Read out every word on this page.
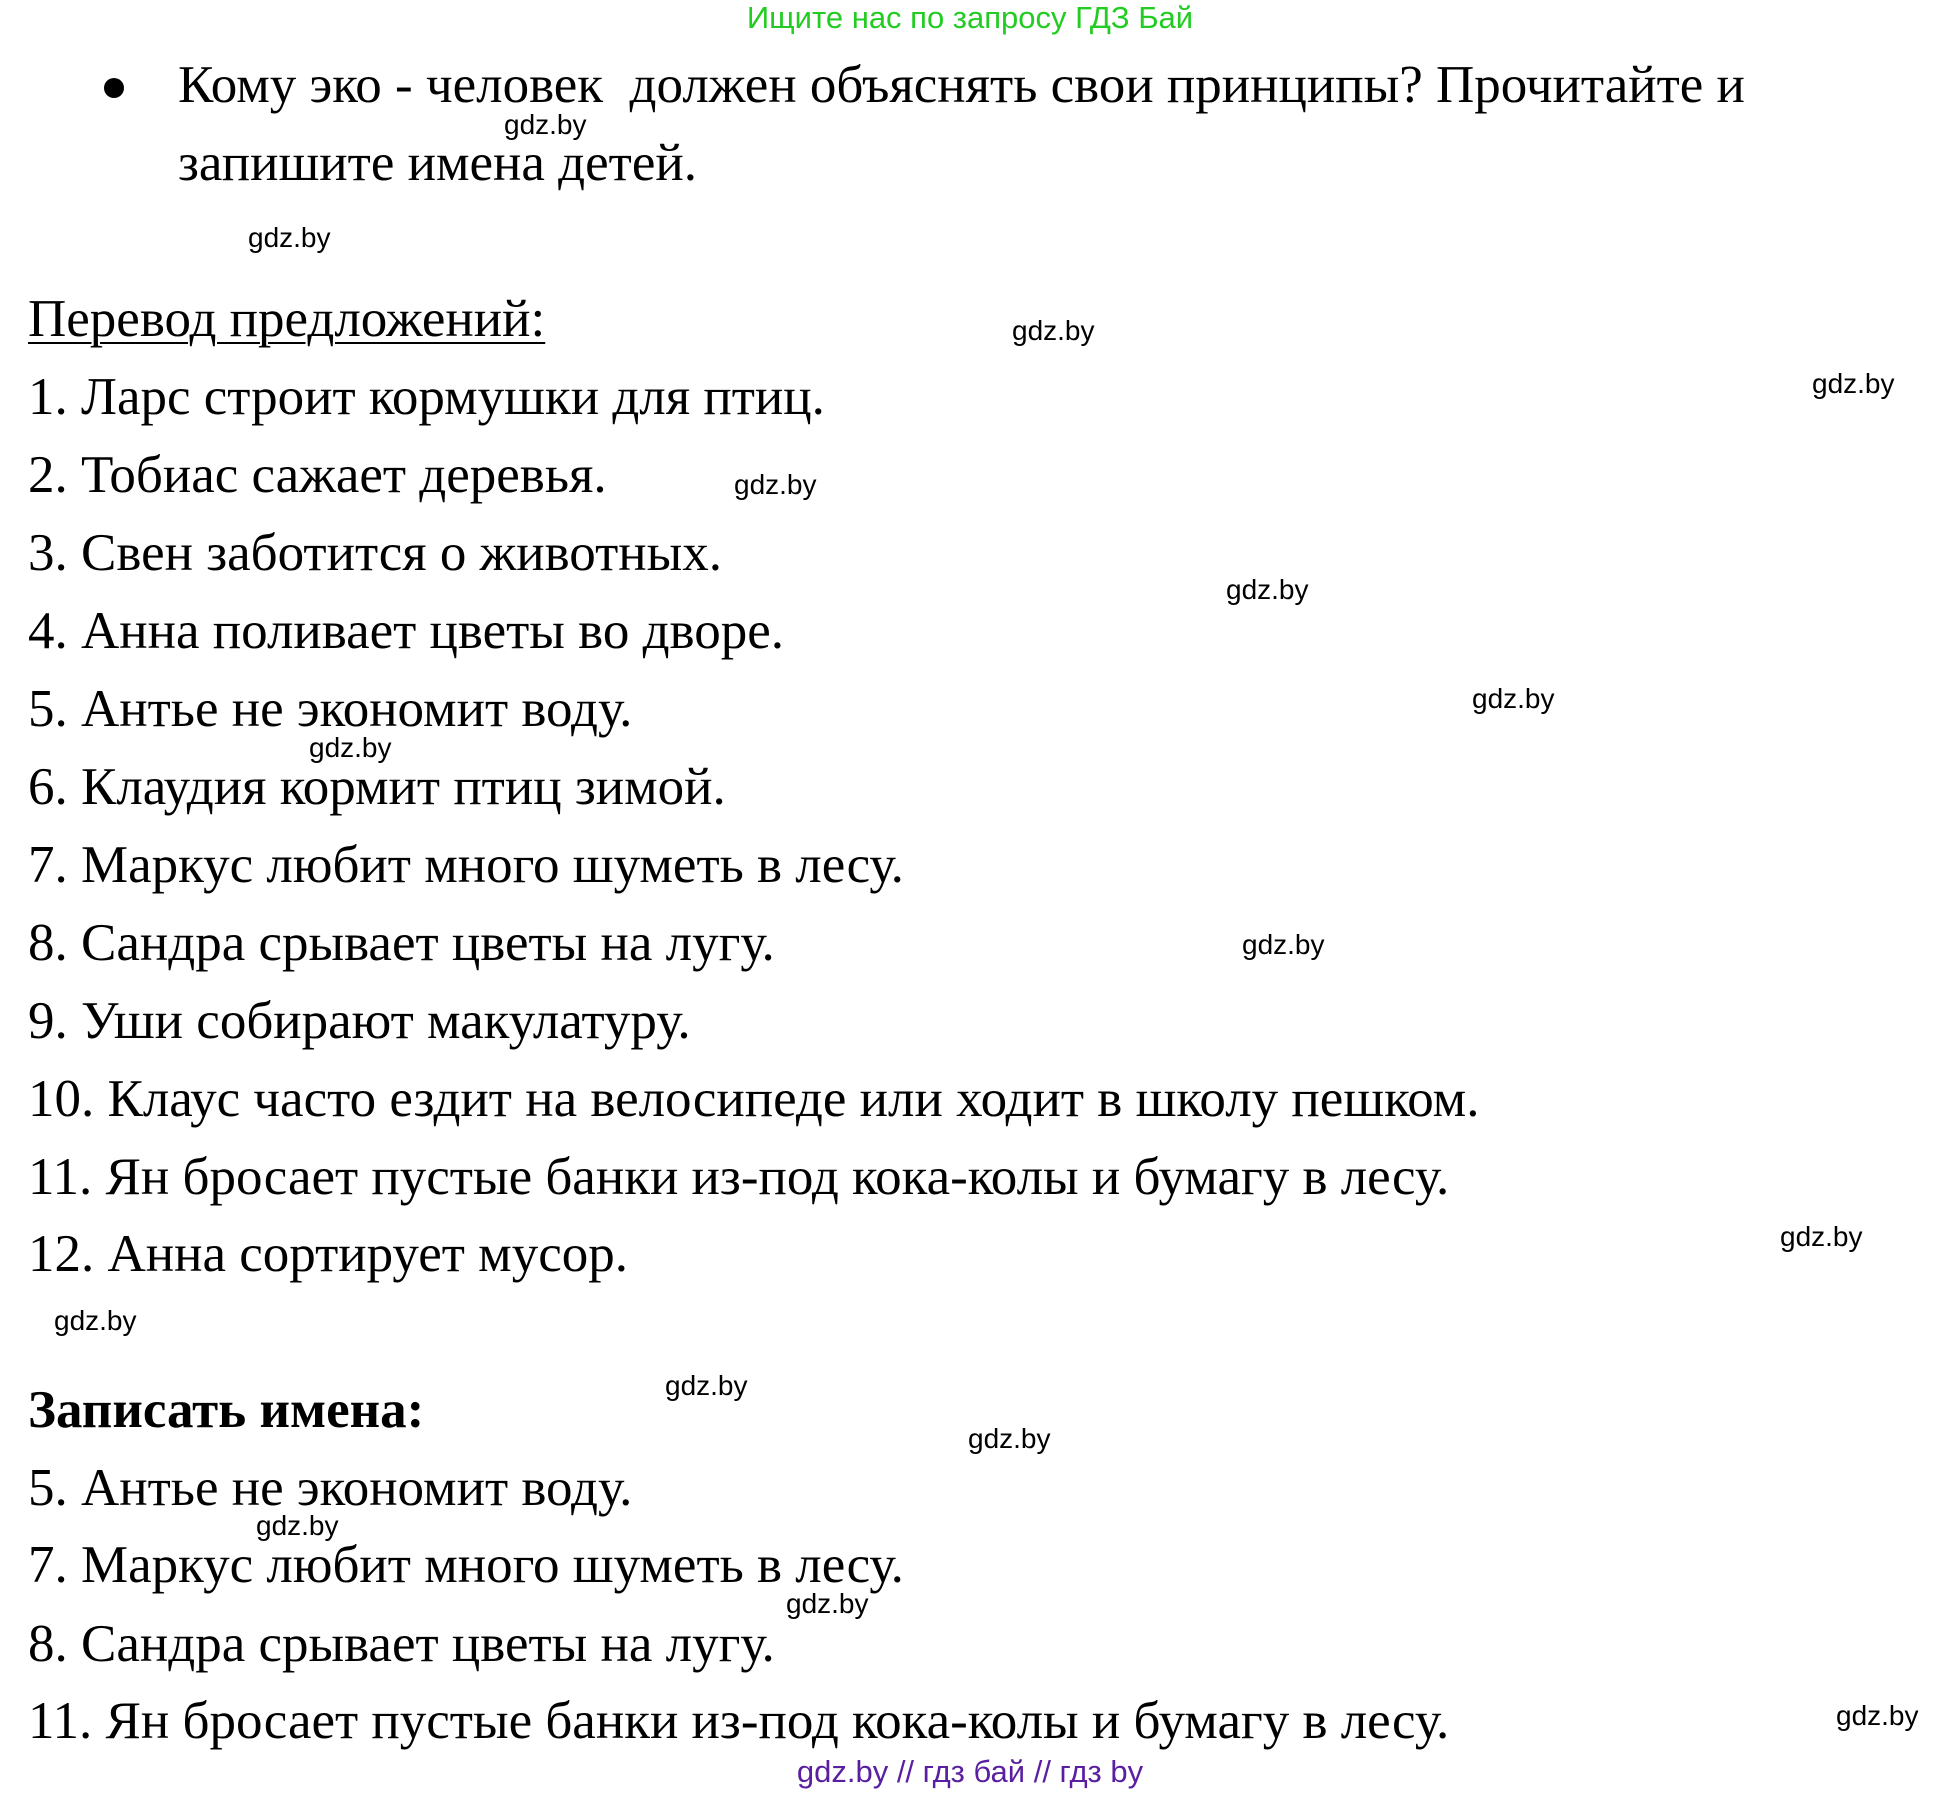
Ищите нас по запросу ГДЗ Бай
Кому эко - человек  должен объяснять свои принципы? Прочитайте и
запишите имена детей.
Перевод предложений:
1. Ларс строит кормушки для птиц.
2. Тобиас сажает деревья.
3. Свен заботится о животных.
4. Анна поливает цветы во дворе.
5. Антье не экономит воду.
6. Клаудия кормит птиц зимой.
7. Маркус любит много шуметь в лесу.
8. Сандра срывает цветы на лугу.
9. Уши собирают макулатуру.
10. Клаус часто ездит на велосипеде или ходит в школу пешком.
11. Ян бросает пустые банки из-под кока-колы и бумагу в лесу.
12. Анна сортирует мусор.
Записать имена:
5. Антье не экономит воду.
7. Маркус любит много шуметь в лесу.
8. Сандра срывает цветы на лугу.
11. Ян бросает пустые банки из-под кока-колы и бумагу в лесу.
gdz.by
gdz.by
gdz.by
gdz.by
gdz.by
gdz.by
gdz.by
gdz.by
gdz.by
gdz.by
gdz.by
gdz.by
gdz.by
gdz.by
gdz.by
gdz.by
gdz.by // гдз бай // гдз by
